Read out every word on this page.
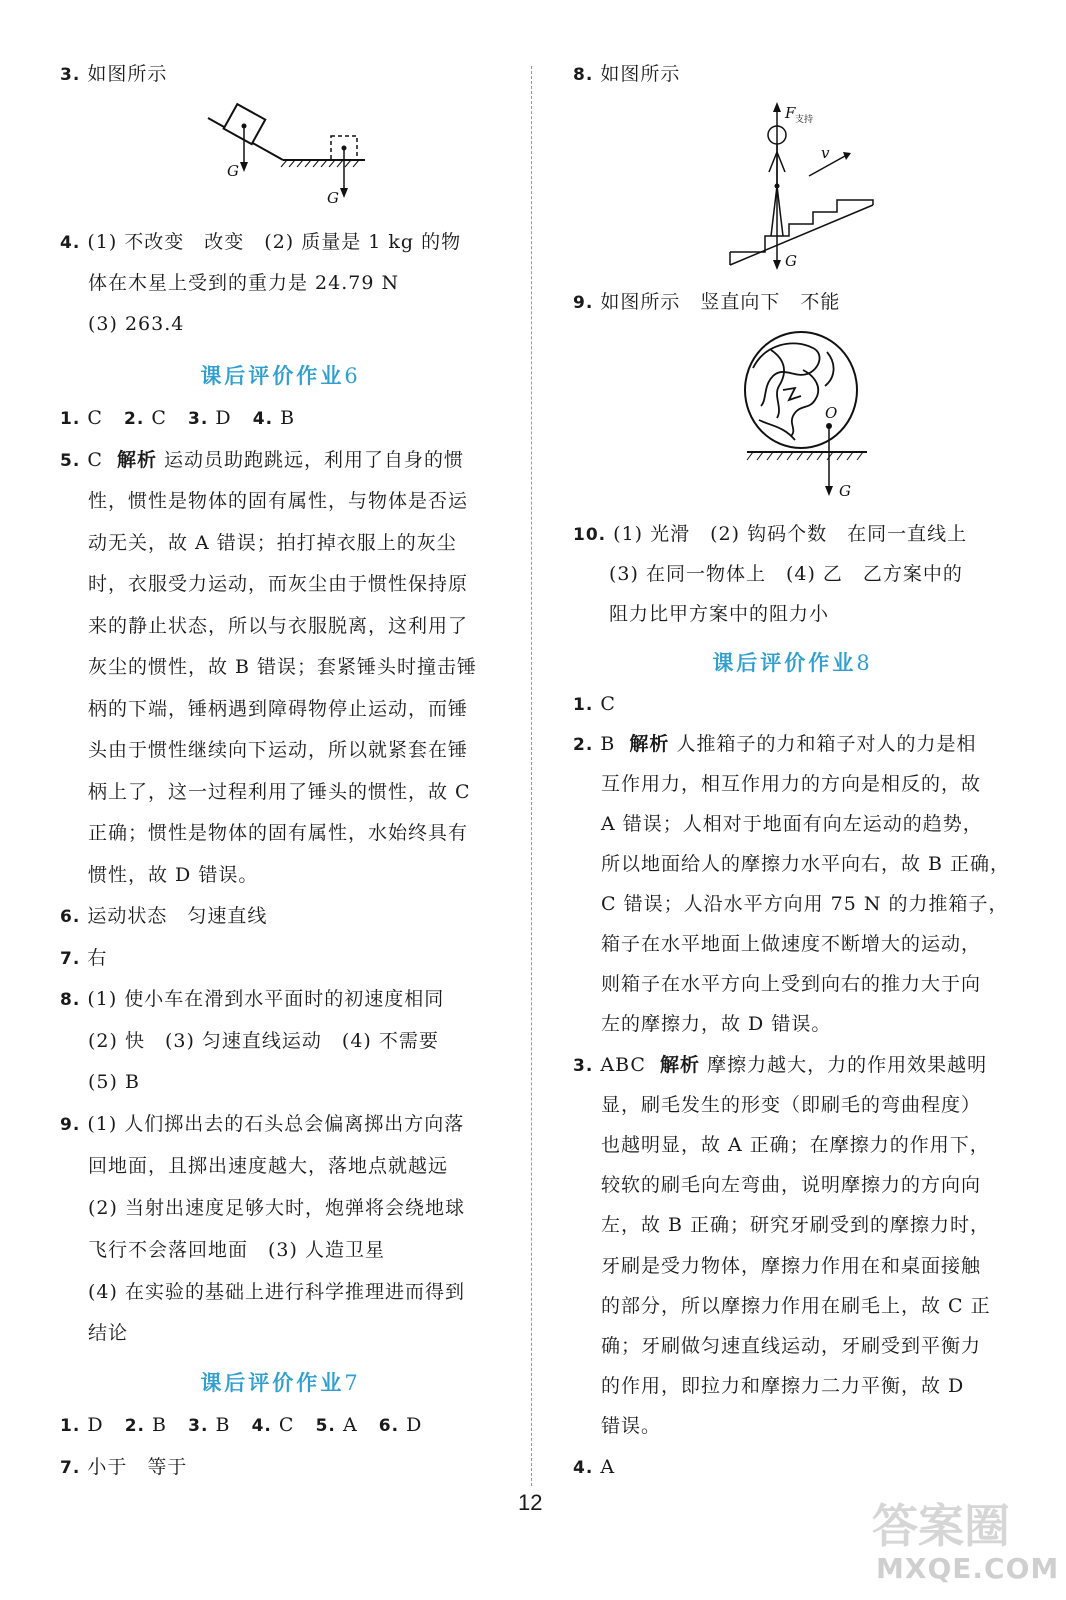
3. 如图所示
G
G
4. (1) 不改变　改变　(2) 质量是 1 kg 的物
体在木星上受到的重力是 24.79 N
(3) 263.4
课后评价作业6
1. C 2. C 3. D 4. B
5. C 解析 运动员助跑跳远，利用了自身的惯
性，惯性是物体的固有属性，与物体是否运
动无关，故 A 错误；拍打掉衣服上的灰尘
时，衣服受力运动，而灰尘由于惯性保持原
来的静止状态，所以与衣服脱离，这利用了
灰尘的惯性，故 B 错误；套紧锤头时撞击锤
柄的下端，锤柄遇到障碍物停止运动，而锤
头由于惯性继续向下运动，所以就紧套在锤
柄上了，这一过程利用了锤头的惯性，故 C
正确；惯性是物体的固有属性，水始终具有
惯性，故 D 错误。
6. 运动状态　匀速直线
7. 右
8. (1) 使小车在滑到水平面时的初速度相同
(2) 快　(3) 匀速直线运动　(4) 不需要
(5) B
9. (1) 人们掷出去的石头总会偏离掷出方向落
回地面，且掷出速度越大，落地点就越远
(2) 当射出速度足够大时，炮弹将会绕地球
飞行不会落回地面　(3) 人造卫星
(4) 在实验的基础上进行科学推理进而得到
结论
课后评价作业7
1. D 2. B 3. B 4. C 5. A 6. D
7. 小于　等于
8. 如图所示
F 支持
G
v
9. 如图所示　竖直向下　不能
O
G
10. (1) 光滑　(2) 钩码个数　在同一直线上
(3) 在同一物体上　(4) 乙　乙方案中的
阻力比甲方案中的阻力小
课后评价作业8
1. C
2. B 解析 人推箱子的力和箱子对人的力是相
互作用力，相互作用力的方向是相反的，故
A 错误；人相对于地面有向左运动的趋势，
所以地面给人的摩擦力水平向右，故 B 正确，
C 错误；人沿水平方向用 75 N 的力推箱子，
箱子在水平地面上做速度不断增大的运动，
则箱子在水平方向上受到向右的推力大于向
左的摩擦力，故 D 错误。
3. ABC 解析 摩擦力越大，力的作用效果越明
显，刷毛发生的形变（即刷毛的弯曲程度）
也越明显，故 A 正确；在摩擦力的作用下，
较软的刷毛向左弯曲，说明摩擦力的方向向
左，故 B 正确；研究牙刷受到的摩擦力时，
牙刷是受力物体，摩擦力作用在和桌面接触
的部分，所以摩擦力作用在刷毛上，故 C 正
确；牙刷做匀速直线运动，牙刷受到平衡力
的作用，即拉力和摩擦力二力平衡，故 D
错误。
4. A
12	答案圈
MXQE.COM
